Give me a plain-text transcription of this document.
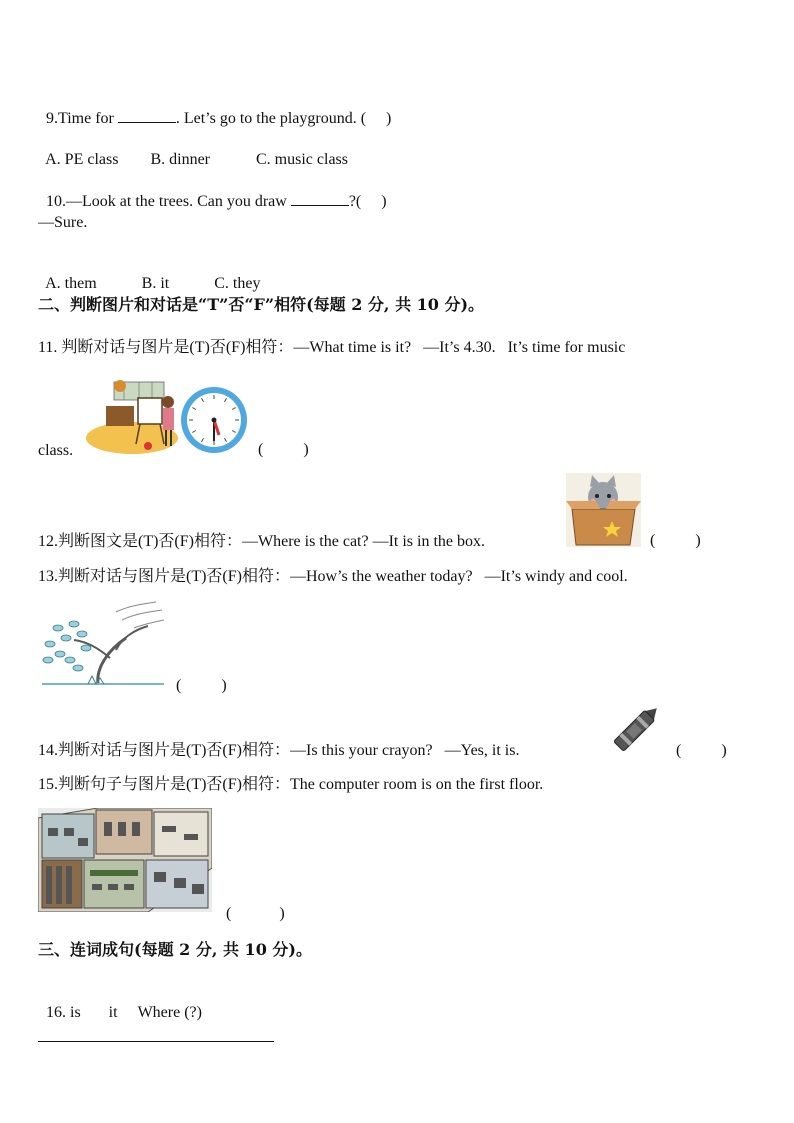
9.Time for	. Let’s go to the playground. (     )

A. PE class B. dinner	C. music class

10.—Look at the trees. Can you draw	?(     )

—Sure.

A. them	B. it	C. they

二、判断图片和对话是“T”否“F”相符(每题 2 分, 共 10 分)。
11. 判断对话与图片是(T)否(F)相符：—What time is it?   —It’s 4.30.   It’s time for music
class.	(          )
12.判断图文是(T)否(F)相符：—Where is the cat? —It is in the box.	(          )
13.判断对话与图片是(T)否(F)相符：—How’s the weather today?   —It’s windy and cool.
(          )
14.判断对话与图片是(T)否(F)相符：—Is this your crayon?   —Yes, it is.	(          )
15.判断句子与图片是(T)否(F)相符：The computer room is on the first floor.
(            )
三、连词成句(每题 2 分, 共 10 分)。

16. is it Where (?)
